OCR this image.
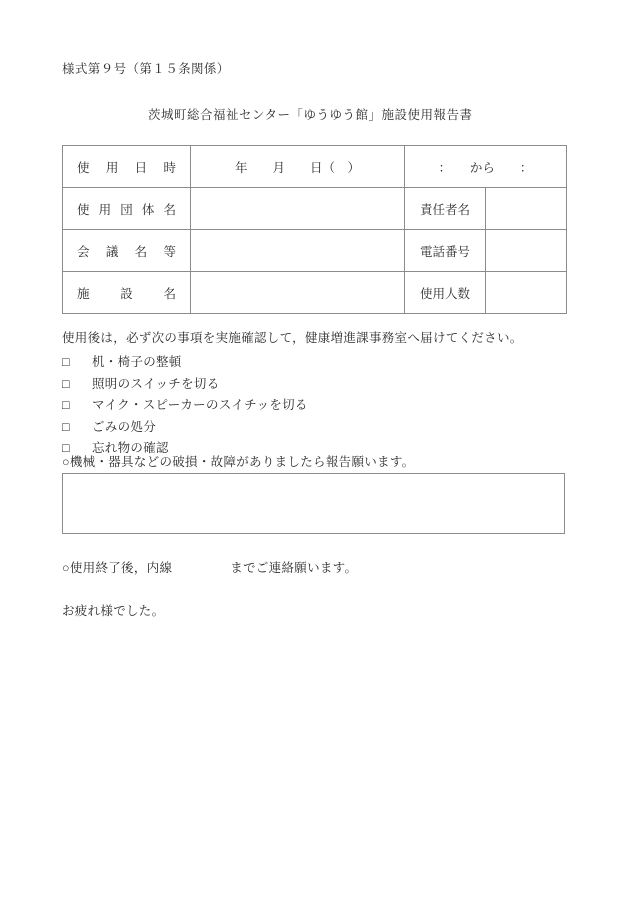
様式第９号（第１５条関係）
茨城町総合福祉センター「ゆうゆう館」施設使用報告書
使用日時	年　　月　　日（　）	：　　から　　：	

使用団体名		責任者名	

会議名等		電話番号	

施設名		使用人数	
使用後は，必ず次の事項を実施確認して，健康増進課事務室へ届けてください。
□ 机・椅子の整頓
□ 照明のスイッチを切る
□ マイク・スピーカーのスイチッを切る
□ ごみの処分
□ 忘れ物の確認
○機械・器具などの破損・故障がありましたら報告願います。
○使用終了後，内線	までご連絡願います。
お疲れ様でした。
